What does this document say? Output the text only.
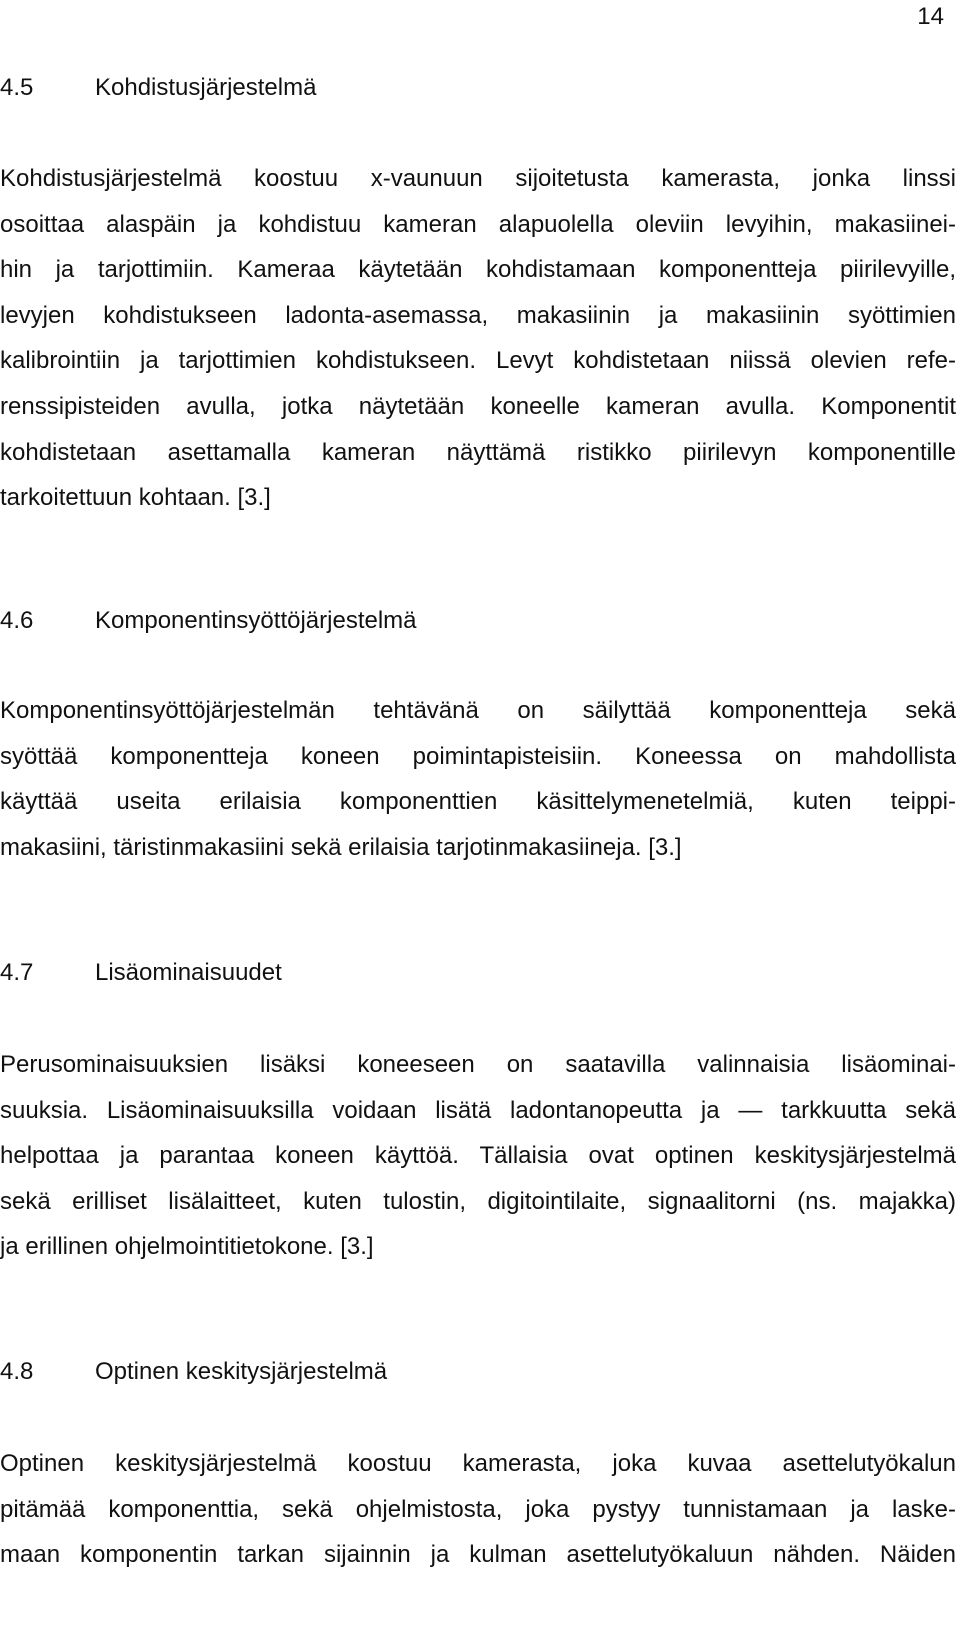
14
4.5	Kohdistusjärjestelmä
Kohdistusjärjestelmä koostuu x-vaunuun sijoitetusta kamerasta, jonka linssi
osoittaa alaspäin ja kohdistuu kameran alapuolella oleviin levyihin, makasiinei-
hin ja tarjottimiin. Kameraa käytetään kohdistamaan komponentteja piirilevyille,
levyjen kohdistukseen ladonta-asemassa, makasiinin ja makasiinin syöttimien
kalibrointiin ja tarjottimien kohdistukseen. Levyt kohdistetaan niissä olevien refe-
renssipisteiden avulla, jotka näytetään koneelle kameran avulla. Komponentit
kohdistetaan asettamalla kameran näyttämä ristikko piirilevyn komponentille
tarkoitettuun kohtaan. [3.]
4.6	Komponentinsyöttöjärjestelmä
Komponentinsyöttöjärjestelmän tehtävänä on säilyttää komponentteja sekä
syöttää komponentteja koneen poimintapisteisiin. Koneessa on mahdollista
käyttää useita erilaisia komponenttien käsittelymenetelmiä, kuten teippi-
makasiini, täristinmakasiini sekä erilaisia tarjotinmakasiineja. [3.]
4.7	Lisäominaisuudet
Perusominaisuuksien lisäksi koneeseen on saatavilla valinnaisia lisäominai-
suuksia. Lisäominaisuuksilla voidaan lisätä ladontanopeutta ja — tarkkuutta sekä
helpottaa ja parantaa koneen käyttöä. Tällaisia ovat optinen keskitysjärjestelmä
sekä erilliset lisälaitteet, kuten tulostin, digitointilaite, signaalitorni (ns. majakka)
ja erillinen ohjelmointitietokone. [3.]
4.8	Optinen keskitysjärjestelmä
Optinen keskitysjärjestelmä koostuu kamerasta, joka kuvaa asettelutyökalun
pitämää komponenttia, sekä ohjelmistosta, joka pystyy tunnistamaan ja laske-
maan komponentin tarkan sijainnin ja kulman asettelutyökaluun nähden. Näiden
